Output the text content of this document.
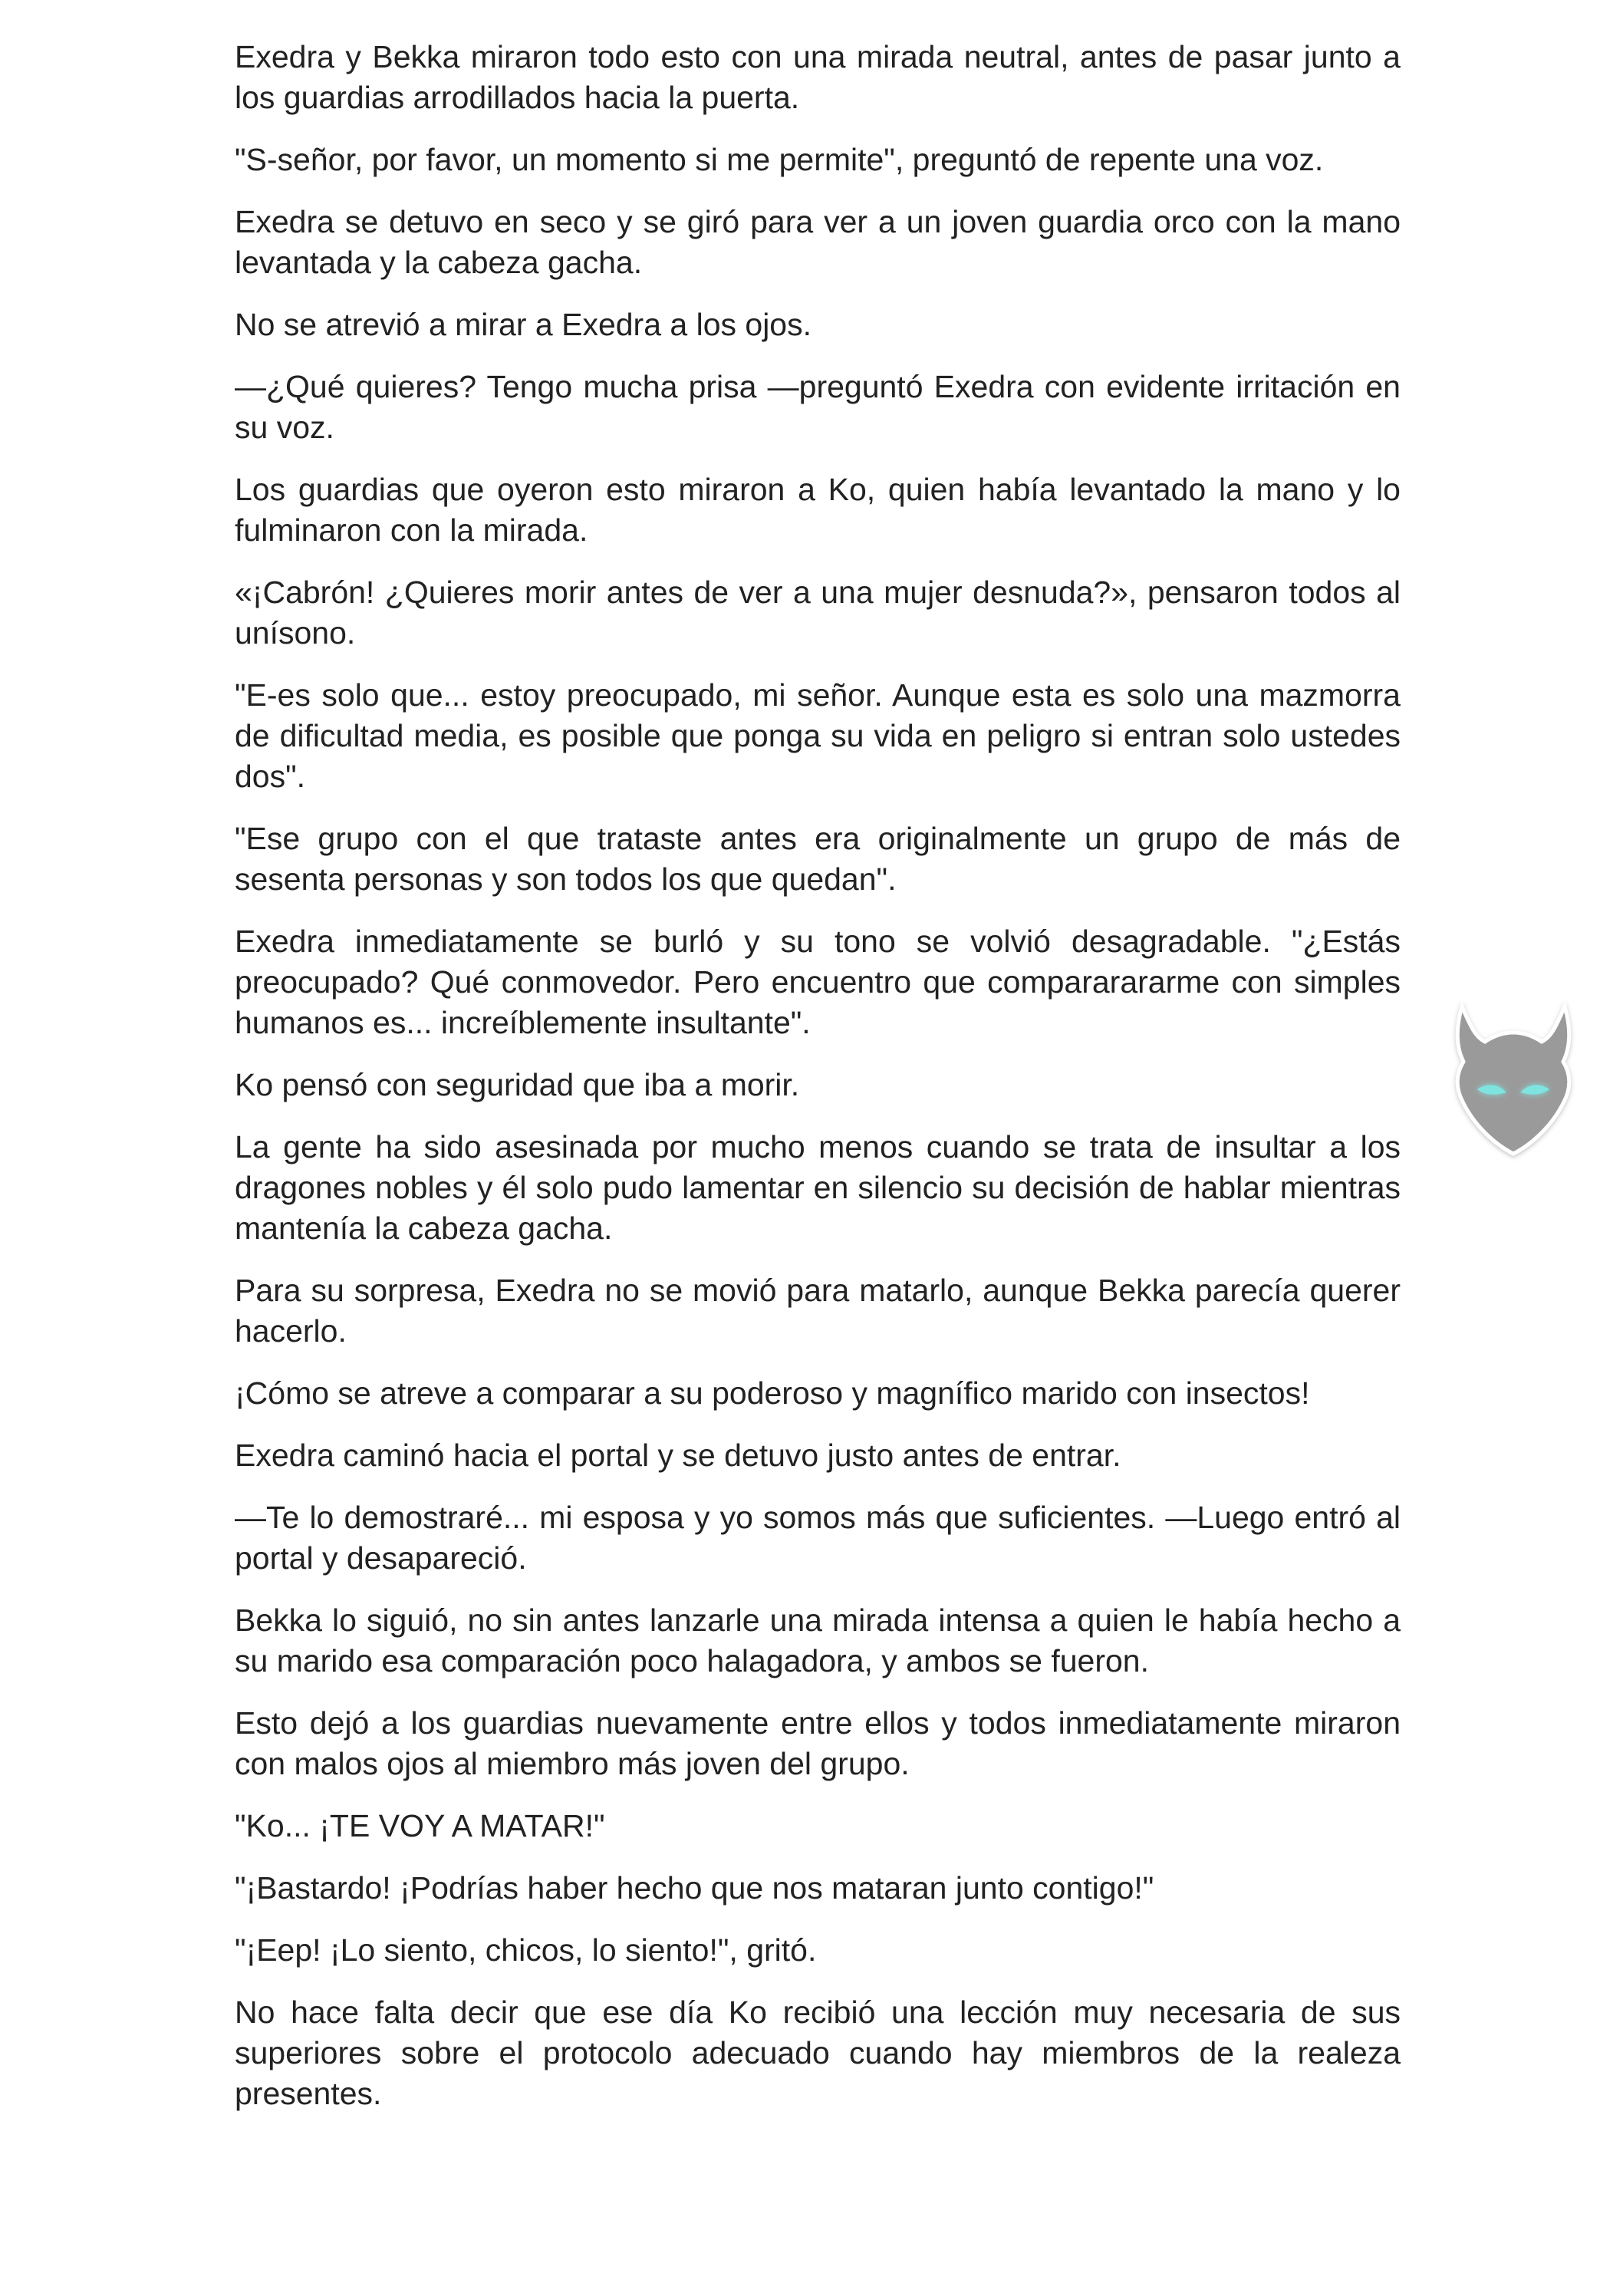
Exedra y Bekka miraron todo esto con una mirada neutral, antes de pasar junto a los guardias arrodillados hacia la puerta.

"S-señor, por favor, un momento si me permite", preguntó de repente una voz.

Exedra se detuvo en seco y se giró para ver a un joven guardia orco con la mano levantada y la cabeza gacha.

No se atrevió a mirar a Exedra a los ojos.

—¿Qué quieres? Tengo mucha prisa —preguntó Exedra con evidente irritación en su voz.

Los guardias que oyeron esto miraron a Ko, quien había levantado la mano y lo fulminaron con la mirada.

«¡Cabrón! ¿Quieres morir antes de ver a una mujer desnuda?», pensaron todos al unísono.

"E-es solo que... estoy preocupado, mi señor. Aunque esta es solo una mazmorra de dificultad media, es posible que ponga su vida en peligro si entran solo ustedes dos".

"Ese grupo con el que trataste antes era originalmente un grupo de más de sesenta personas y son todos los que quedan".

Exedra inmediatamente se burló y su tono se volvió desagradable. "¿Estás preocupado? Qué conmovedor. Pero encuentro que compararararme con simples humanos es... increíblemente insultante".

Ko pensó con seguridad que iba a morir.

La gente ha sido asesinada por mucho menos cuando se trata de insultar a los dragones nobles y él solo pudo lamentar en silencio su decisión de hablar mientras mantenía la cabeza gacha.

Para su sorpresa, Exedra no se movió para matarlo, aunque Bekka parecía querer hacerlo.

¡Cómo se atreve a comparar a su poderoso y magnífico marido con insectos!

Exedra caminó hacia el portal y se detuvo justo antes de entrar.

—Te lo demostraré... mi esposa y yo somos más que suficientes. —Luego entró al portal y desapareció.

Bekka lo siguió, no sin antes lanzarle una mirada intensa a quien le había hecho a su marido esa comparación poco halagadora, y ambos se fueron.

Esto dejó a los guardias nuevamente entre ellos y todos inmediatamente miraron con malos ojos al miembro más joven del grupo.

"Ko... ¡TE VOY A MATAR!"

"¡Bastardo! ¡Podrías haber hecho que nos mataran junto contigo!"

"¡Eep! ¡Lo siento, chicos, lo siento!", gritó.

No hace falta decir que ese día Ko recibió una lección muy necesaria de sus superiores sobre el protocolo adecuado cuando hay miembros de la realeza presentes.
